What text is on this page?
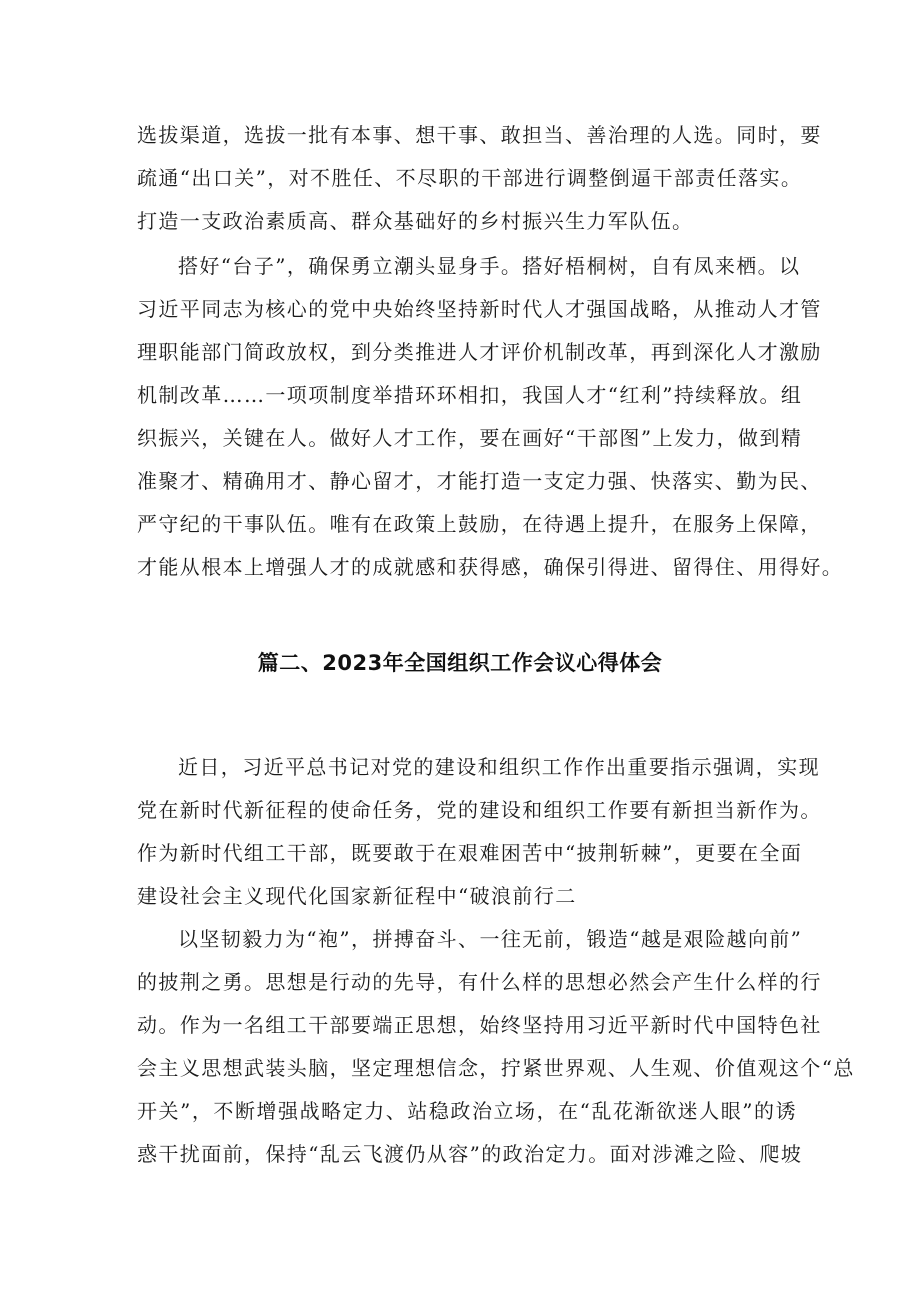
选拔渠道，选拔一批有本事、想干事、敢担当、善治理的人选。同时，要
疏通“出口关”，对不胜任、不尽职的干部进行调整倒逼干部责任落实。
打造一支政治素质高、群众基础好的乡村振兴生力军队伍。
搭好“台子”，确保勇立潮头显身手。搭好梧桐树，自有凤来栖。以
习近平同志为核心的党中央始终坚持新时代人才强国战略，从推动人才管
理职能部门简政放权，到分类推进人才评价机制改革，再到深化人才激励
机制改革……一项项制度举措环环相扣，我国人才“红利”持续释放。组
织振兴，关键在人。做好人才工作，要在画好“干部图”上发力，做到精
准聚才、精确用才、静心留才，才能打造一支定力强、快落实、勤为民、
严守纪的干事队伍。唯有在政策上鼓励，在待遇上提升，在服务上保障，
才能从根本上增强人才的成就感和获得感，确保引得进、留得住、用得好。
篇二、2023年全国组织工作会议心得体会
近日，习近平总书记对党的建设和组织工作作出重要指示强调，实现
党在新时代新征程的使命任务，党的建设和组织工作要有新担当新作为。
作为新时代组工干部，既要敢于在艰难困苦中“披荆斩棘”，更要在全面
建设社会主义现代化国家新征程中“破浪前行二
以坚韧毅力为“袍”，拼搏奋斗、一往无前，锻造“越是艰险越向前”
的披荆之勇。思想是行动的先导，有什么样的思想必然会产生什么样的行
动。作为一名组工干部要端正思想，始终坚持用习近平新时代中国特色社
会主义思想武装头脑，坚定理想信念，拧紧世界观、人生观、价值观这个“总
开关”，不断增强战略定力、站稳政治立场，在“乱花渐欲迷人眼”的诱
惑干扰面前，保持“乱云飞渡仍从容”的政治定力。面对涉滩之险、爬坡
